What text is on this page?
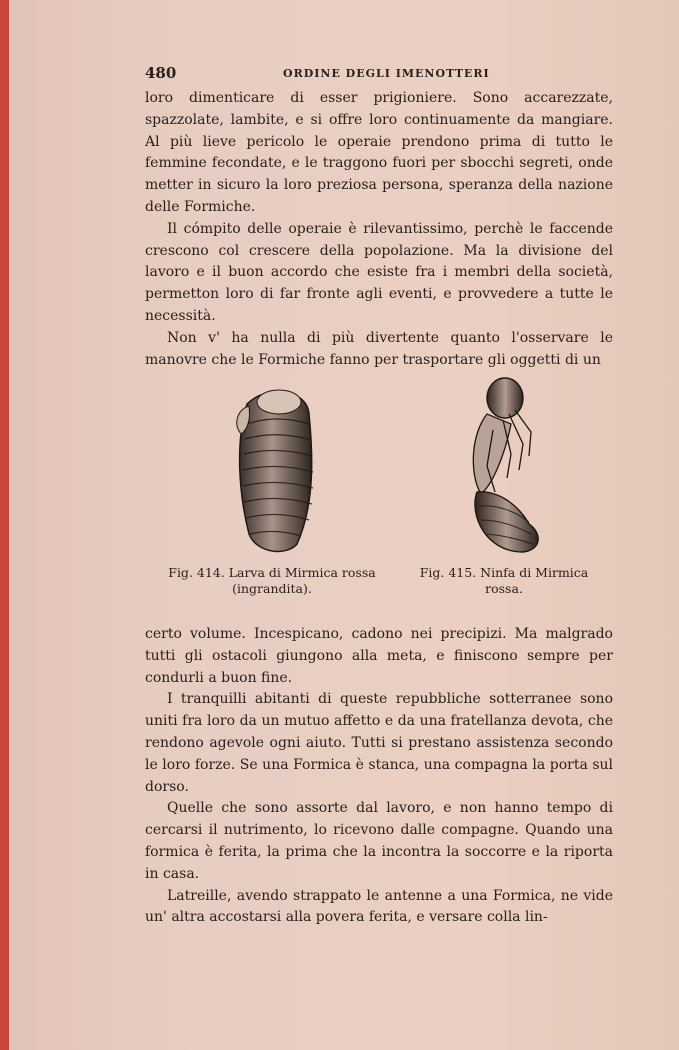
480	ORDINE DEGLI IMENOTTERI

loro dimenticare di esser prigioniere. Sono accarezzate, spazzolate, lambite, e si offre loro continuamente da mangiare. Al più lieve pericolo le operaie prendono prima di tutto le femmine fecondate, e le traggono fuori per sbocchi segreti, onde metter in sicuro la loro preziosa persona, speranza della nazione delle Formiche.

Il cómpito delle operaie è rilevantissimo, perchè le faccende crescono col crescere della popolazione. Ma la divisione del lavoro e il buon accordo che esiste fra i membri della società, permetton loro di far fronte agli eventi, e provvedere a tutte le necessità.

Non v' ha nulla di più divertente quanto l'osservare le manovre che le Formiche fanno per trasportare gli oggetti di un

Fig. 414. Larva di Mirmica rossa
(ingrandita).
Fig. 415. Ninfa di Mirmica
rossa.

certo volume. Incespicano, cadono nei precipizi. Ma malgrado tutti gli ostacoli giungono alla meta, e finiscono sempre per condurli a buon fine.

I tranquilli abitanti di queste repubbliche sotterranee sono uniti fra loro da un mutuo affetto e da una fratellanza devota, che rendono agevole ogni aiuto. Tutti si prestano assistenza secondo le loro forze. Se una Formica è stanca, una compagna la porta sul dorso.

Quelle che sono assorte dal lavoro, e non hanno tempo di cercarsi il nutrimento, lo ricevono dalle compagne. Quando una formica è ferita, la prima che la incontra la soccorre e la riporta in casa.

Latreille, avendo strappato le antenne a una Formica, ne vide un' altra accostarsi alla povera ferita, e versare colla lin-
